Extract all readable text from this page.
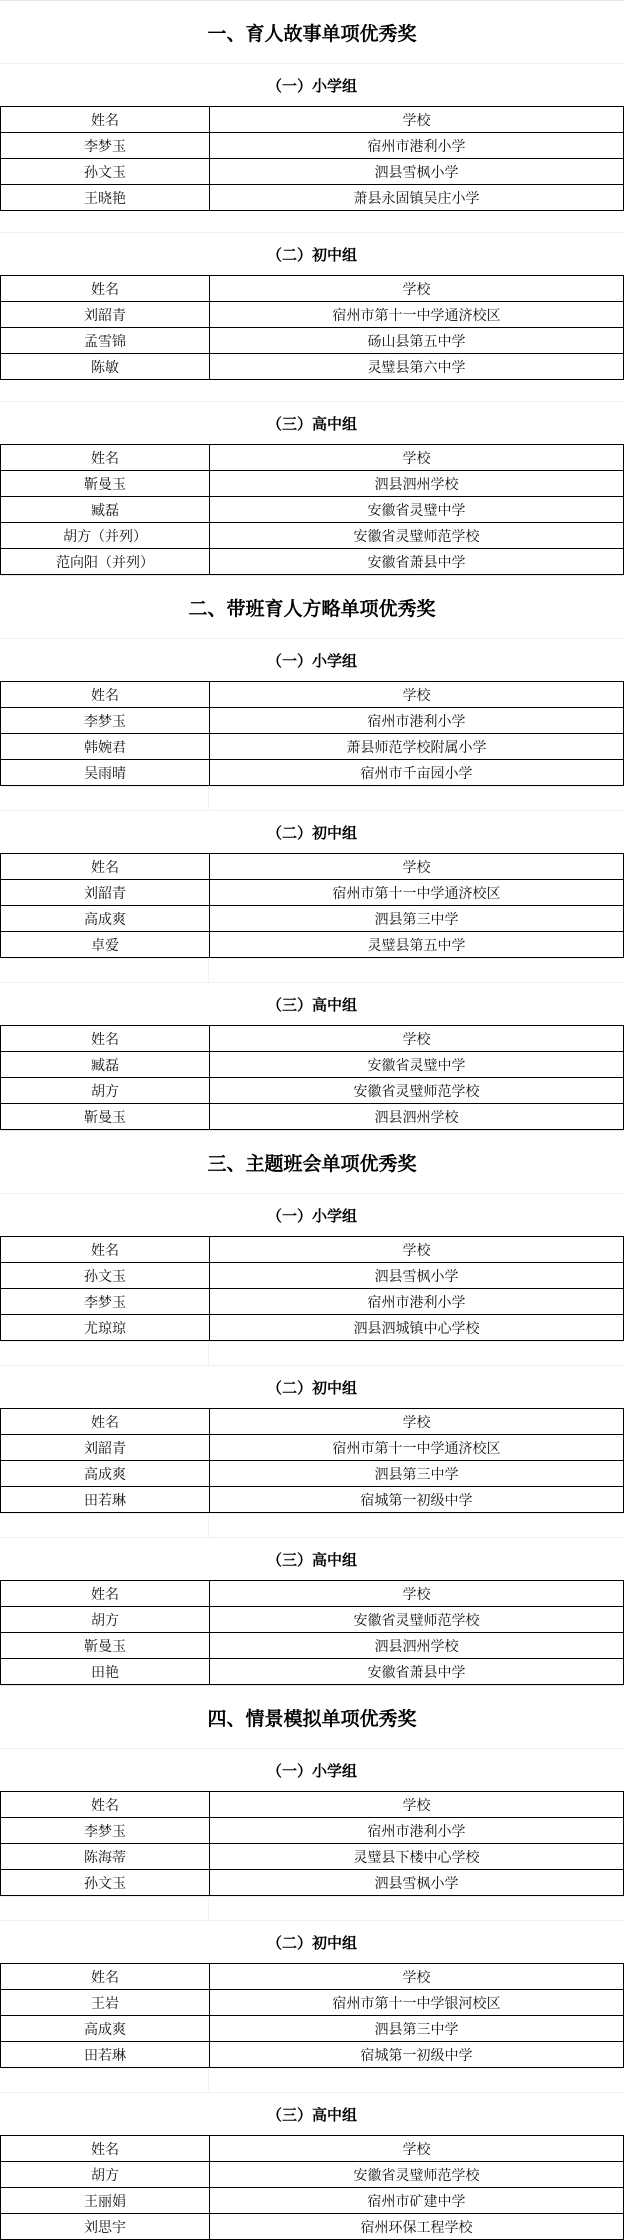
一、育人故事单项优秀奖
（一）小学组
姓名	学校
李梦玉	宿州市港利小学
孙文玉	泗县雪枫小学
王晓艳	萧县永固镇吴庄小学
（二）初中组
姓名	学校
刘韶青	宿州市第十一中学通济校区
孟雪锦	砀山县第五中学
陈敏	灵璧县第六中学
（三）高中组
姓名	学校
靳曼玉	泗县泗州学校
臧磊	安徽省灵璧中学
胡方（并列）	安徽省灵璧师范学校
范向阳（并列）	安徽省萧县中学
二、带班育人方略单项优秀奖
（一）小学组
姓名	学校
李梦玉	宿州市港利小学
韩婉君	萧县师范学校附属小学
吴雨晴	宿州市千亩园小学
（二）初中组
姓名	学校
刘韶青	宿州市第十一中学通济校区
高成爽	泗县第三中学
卓爱	灵璧县第五中学
（三）高中组
姓名	学校
臧磊	安徽省灵璧中学
胡方	安徽省灵璧师范学校
靳曼玉	泗县泗州学校
三、主题班会单项优秀奖
（一）小学组
姓名	学校
孙文玉	泗县雪枫小学
李梦玉	宿州市港利小学
尤琼琼	泗县泗城镇中心学校
（二）初中组
姓名	学校
刘韶青	宿州市第十一中学通济校区
高成爽	泗县第三中学
田若琳	宿城第一初级中学
（三）高中组
姓名	学校
胡方	安徽省灵璧师范学校
靳曼玉	泗县泗州学校
田艳	安徽省萧县中学
四、情景模拟单项优秀奖
（一）小学组
姓名	学校
李梦玉	宿州市港利小学
陈海蒂	灵璧县下楼中心学校
孙文玉	泗县雪枫小学
（二）初中组
姓名	学校
王岩	宿州市第十一中学银河校区
高成爽	泗县第三中学
田若琳	宿城第一初级中学
（三）高中组
姓名	学校
胡方	安徽省灵璧师范学校
王丽娟	宿州市矿建中学
刘思宇	宿州环保工程学校
